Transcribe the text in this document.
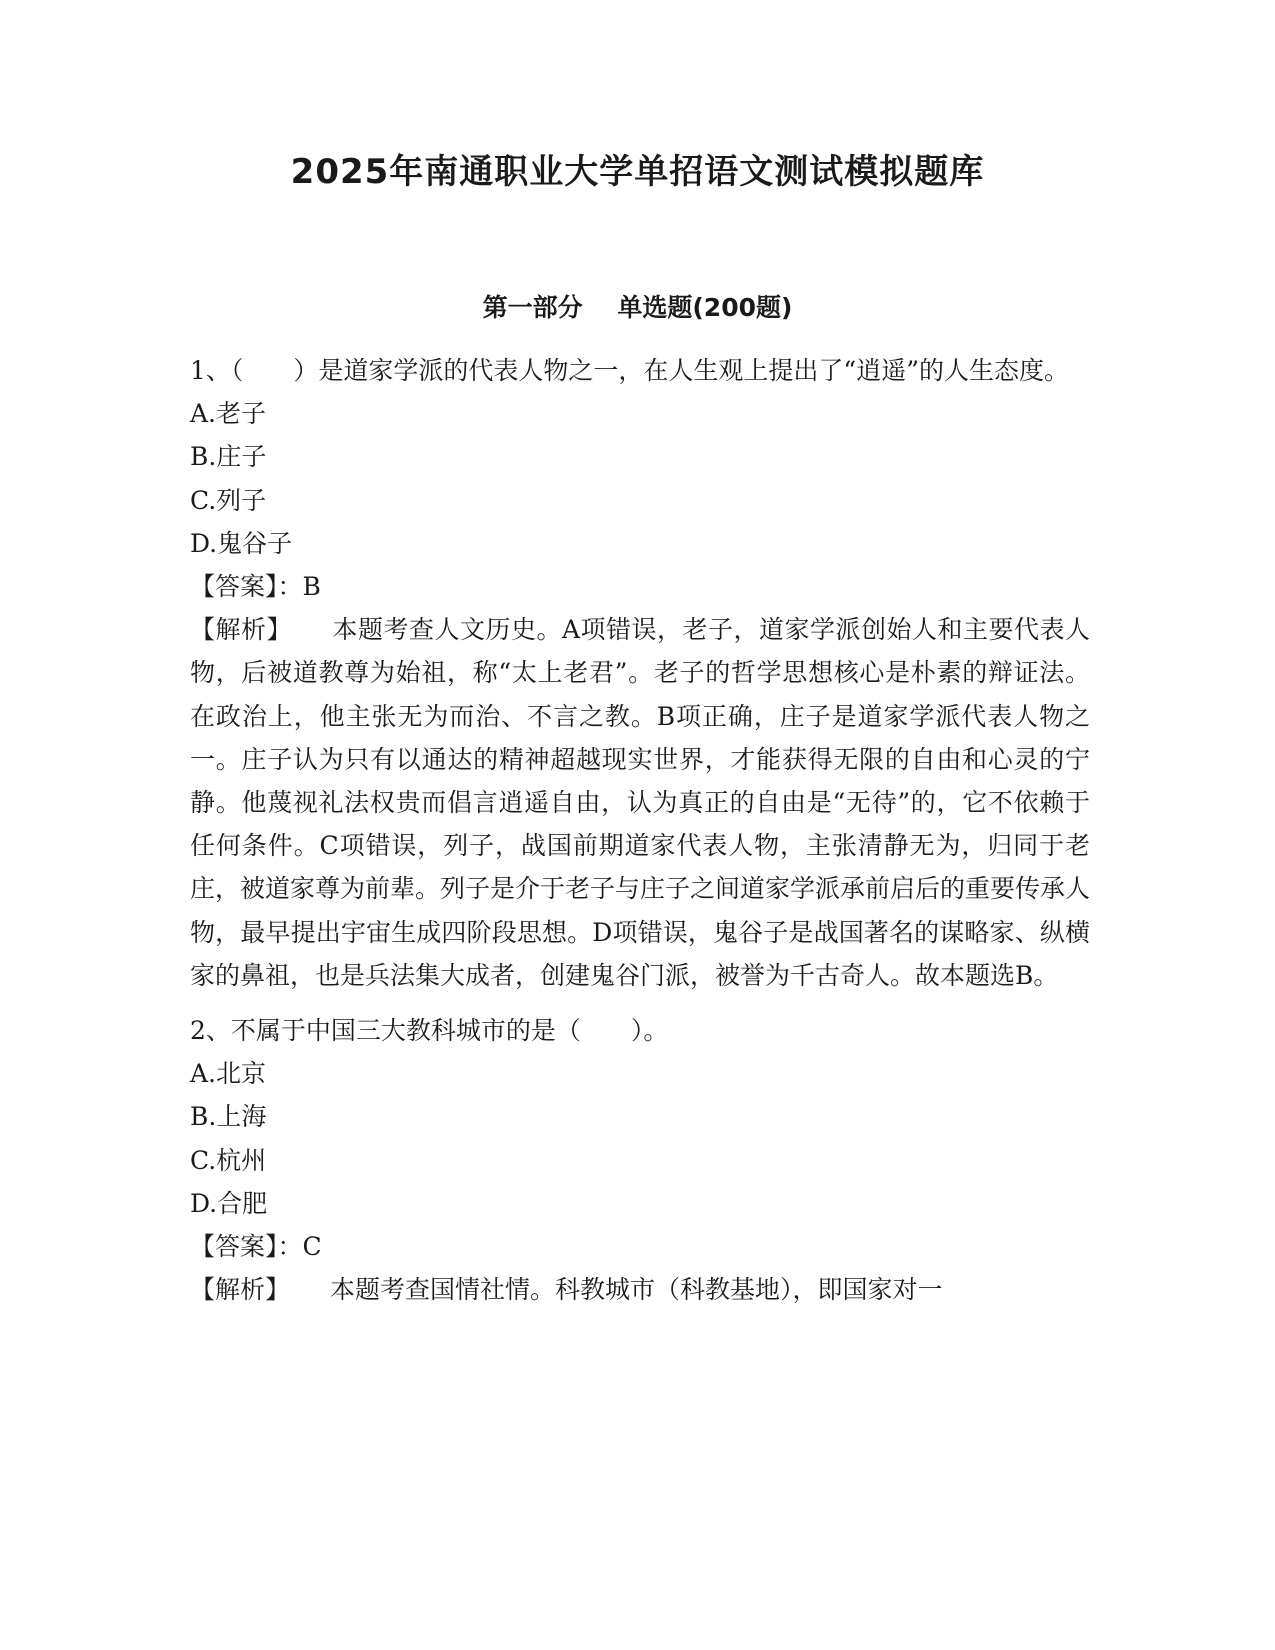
2025年南通职业大学单招语文测试模拟题库
第一部分    单选题(200题)

1、（　　）是道家学派的代表人物之一，在人生观上提出了“逍遥”的人生态度。

A.老子

B.庄子

C.列子

D.鬼谷子

【答案】：B

【解析】 本题考查人文历史。A项错误，老子，道家学派创始人和主要代表人物，后被道教尊为始祖，称“太上老君”。老子的哲学思想核心是朴素的辩证法。在政治上，他主张无为而治、不言之教。B项正确，庄子是道家学派代表人物之一。庄子认为只有以通达的精神超越现实世界，才能获得无限的自由和心灵的宁静。他蔑视礼法权贵而倡言逍遥自由，认为真正的自由是“无待”的，它不依赖于任何条件。C项错误，列子，战国前期道家代表人物，主张清静无为，归同于老庄，被道家尊为前辈。列子是介于老子与庄子之间道家学派承前启后的重要传承人物，最早提出宇宙生成四阶段思想。D项错误，鬼谷子是战国著名的谋略家、纵横家的鼻祖，也是兵法集大成者，创建鬼谷门派，被誉为千古奇人。故本题选B。

2、不属于中国三大教科城市的是（　　）。

A.北京

B.上海

C.杭州

D.合肥

【答案】：C

【解析】 本题考查国情社情。科教城市（科教基地），即国家对一
